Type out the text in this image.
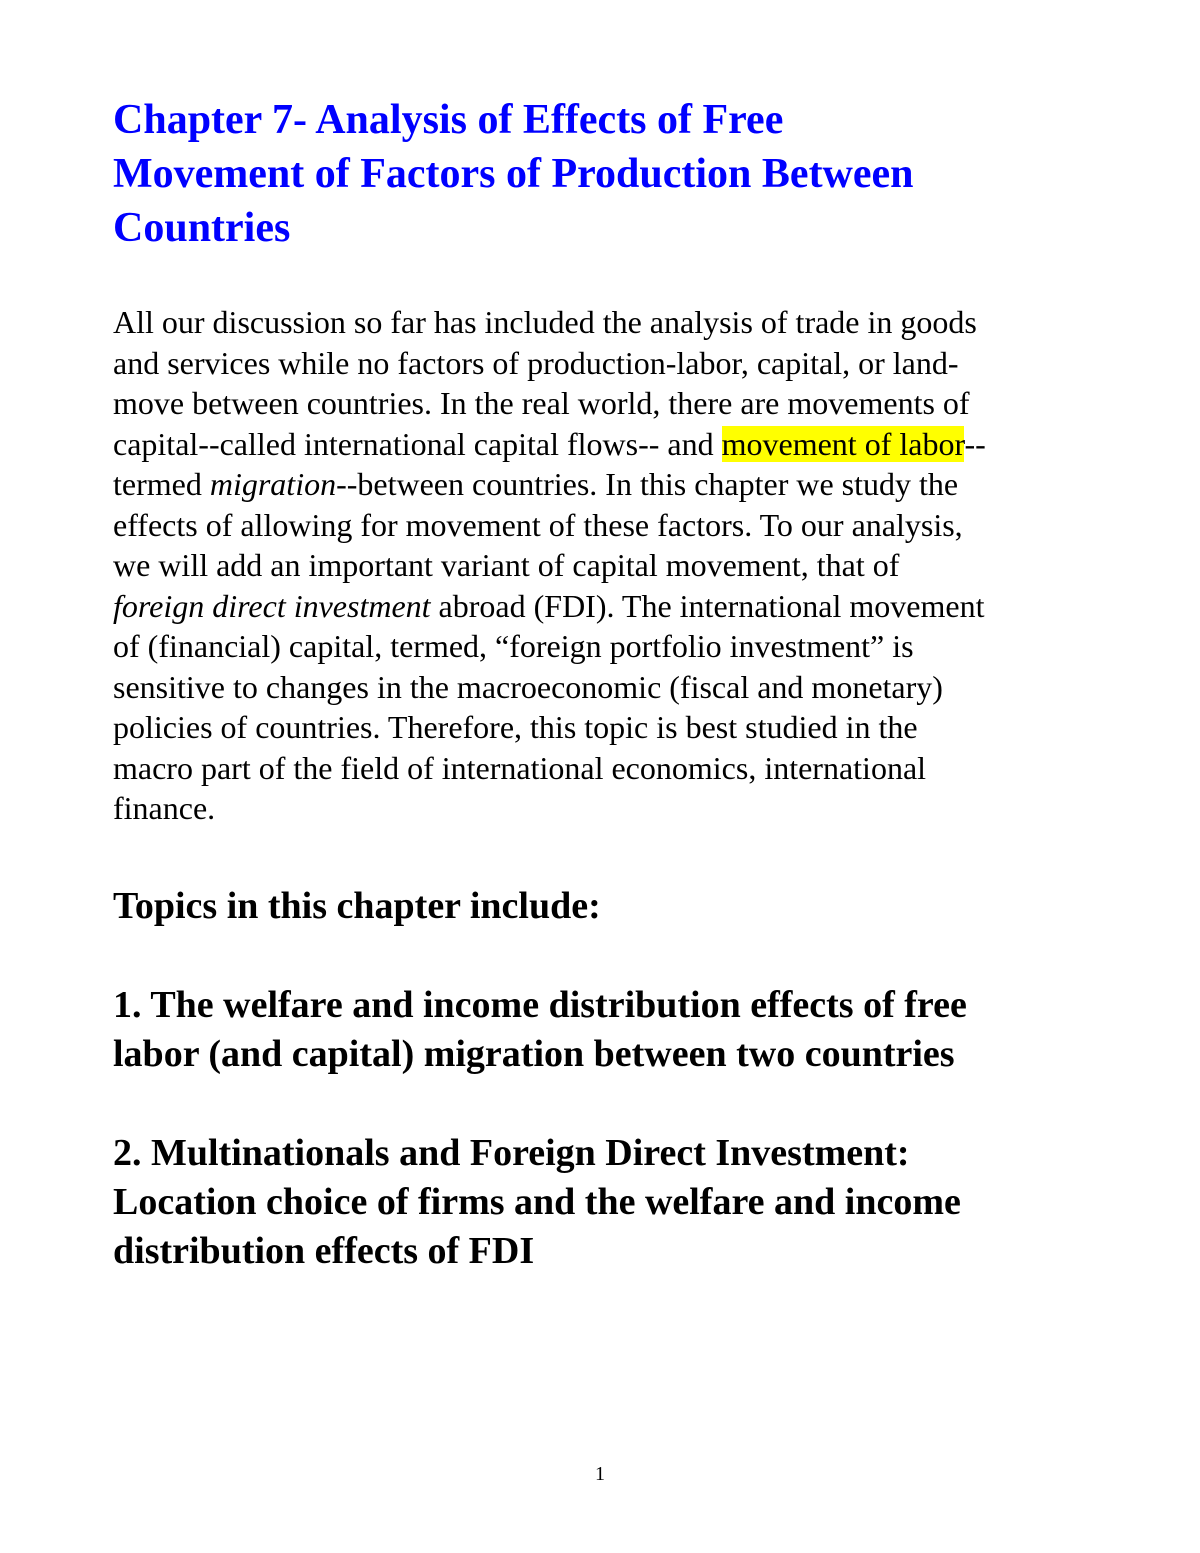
Chapter 7- Analysis of Effects of Free
Movement of Factors of Production Between
Countries

All our discussion so far has included the analysis of trade in goods
and services while no factors of production-labor, capital, or land-
move between countries. In the real world, there are movements of
capital--called international capital flows-- and movement of labor--
termed migration--between countries. In this chapter we study the
effects of allowing for movement of these factors. To our analysis,
we will add an important variant of capital movement, that of
foreign direct investment abroad (FDI). The international movement
of (financial) capital, termed, “foreign portfolio investment” is
sensitive to changes in the macroeconomic (fiscal and monetary)
policies of countries. Therefore, this topic is best studied in the
macro part of the field of international economics, international
finance.

Topics in this chapter include:

1. The welfare and income distribution effects of free
labor (and capital) migration between two countries

2. Multinationals and Foreign Direct Investment:
Location choice of firms and the welfare and income
distribution effects of FDI

1
